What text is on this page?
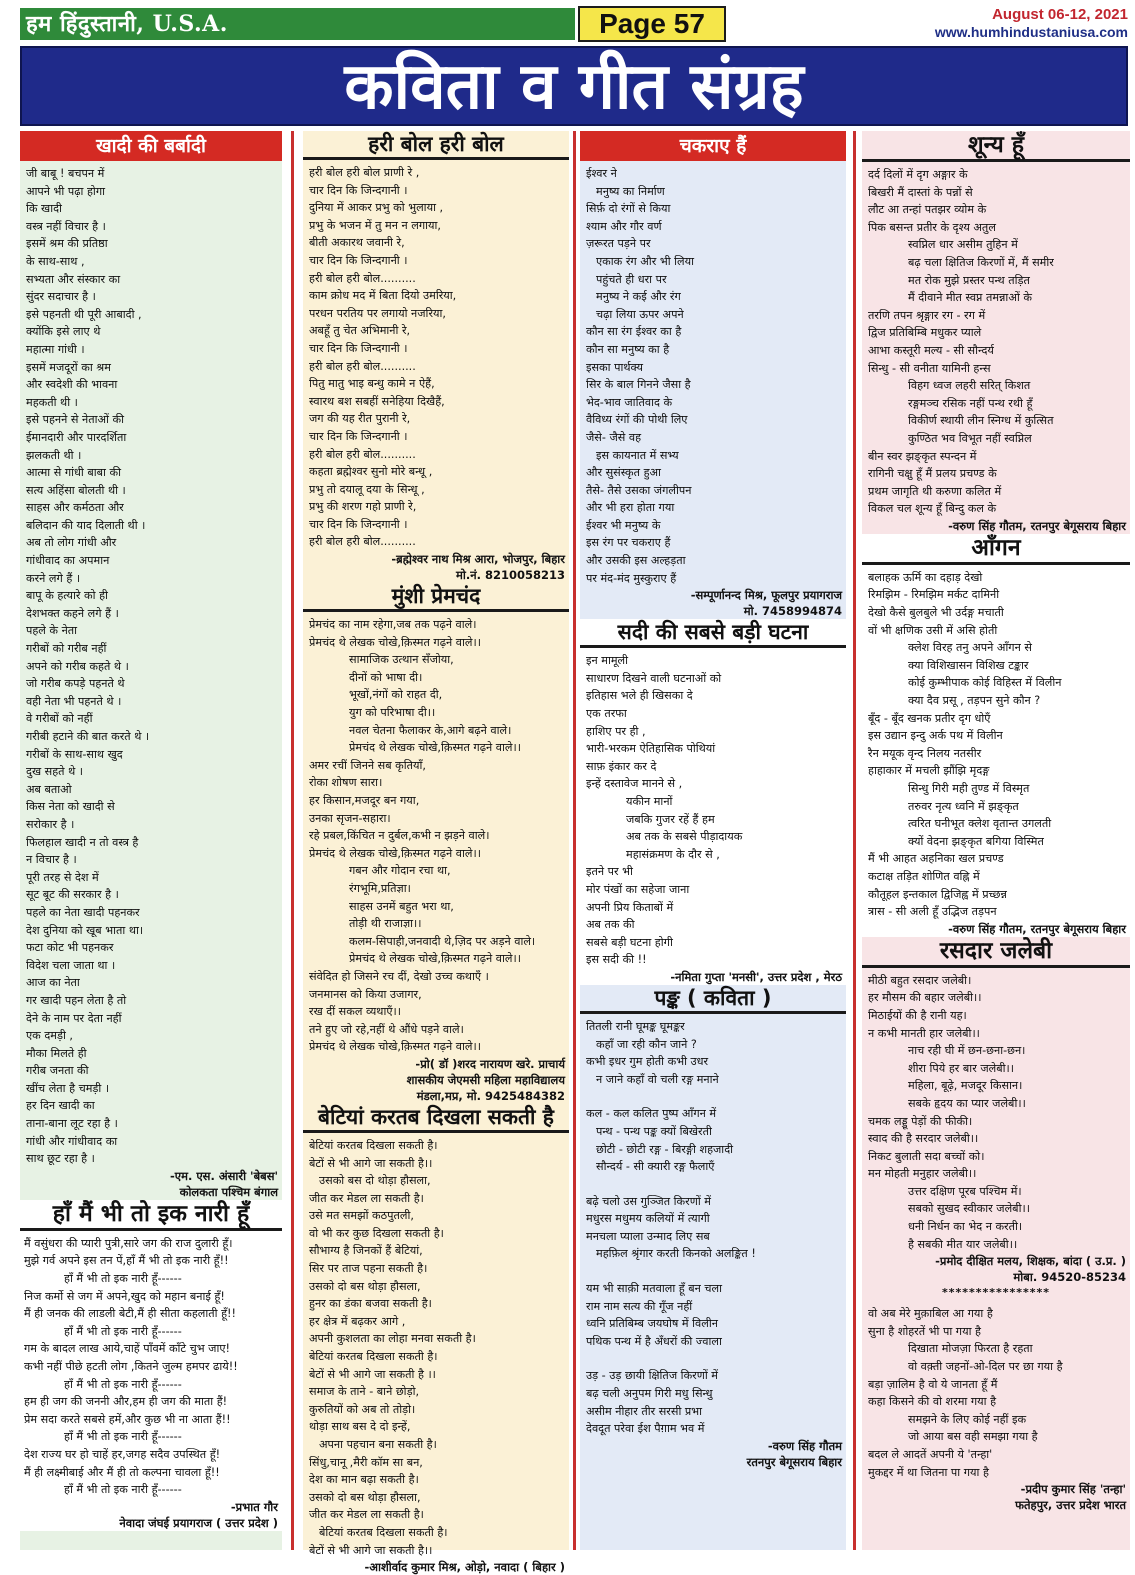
हम हिंदुस्तानी, U.S.A.	Page 57	August 06-12, 2021
www.humhindustaniusa.com
कविता व गीत संग्रह
खादी की बर्बादी
जी बाबू ! बचपन में
आपने भी पढ़ा होगा
कि खादी
वस्त्र नहीं विचार है ।
इसमें श्रम की प्रतिष्ठा
के साथ-साथ ,
सभ्यता और संस्कार का
सुंदर सदाचार है ।
इसे पहनती थी पूरी आबादी ,
क्योंकि इसे लाए थे
महात्मा गांधी ।
इसमें मजदूरों का श्रम
और स्वदेशी की भावना
महकती थी ।
इसे पहनने से नेताओं की
ईमानदारी और पारदर्शिता
झलकती थी ।
आत्मा से गांधी बाबा की
सत्य अहिंसा बोलती थी ।
साहस और कर्मठता और
बलिदान की याद दिलाती थी ।
अब तो लोग गांधी और
गांधीवाद का अपमान
करने लगे हैं ।
बापू के हत्यारे को ही
देशभक्त कहने लगे हैं ।
पहले के नेता
गरीबों को गरीब नहीं
अपने को गरीब कहते थे ।
जो गरीब कपड़े पहनते थे
वही नेता भी पहनते थे ।
वे गरीबों को नहीं
गरीबी हटाने की बात करते थे ।
गरीबों के साथ-साथ खुद
दुख सहते थे ।
अब बताओ
किस नेता को खादी से
सरोकार है ।
फिलहाल खादी न तो वस्त्र है
न विचार है ।
पूरी तरह से देश में
सूट बूट की सरकार है ।
पहले का नेता खादी पहनकर
देश दुनिया को खूब भाता था।
फटा कोट भी पहनकर
विदेश चला जाता था ।
आज का नेता
गर खादी पहन लेता है तो
देने के नाम पर देता नहीं
एक दमड़ी ,
मौका मिलते ही
गरीब जनता की
खींच लेता है चमड़ी ।
हर दिन खादी का
ताना-बाना लूट रहा है ।
गांधी और गांधीवाद का
साथ छूट रहा है ।
-एम. एस. अंसारी 'बेबस'
कोलकता पश्चिम बंगाल
हाँ मैं भी तो इक नारी हूँ
मैं वसुंधरा की प्यारी पुत्री,सारे जग की राज दुलारी हूँ।
मुझे गर्व अपने इस तन पें,हाँ मैं भी तो इक नारी हूँ!!
हाँ मैं भी तो इक नारी हूँ------
निज कर्मो से जग में अपने,खुद को महान बनाई हूँ!
मैं ही जनक की लाडली बेटी,मैं ही सीता कहलाती हूँ!!
हाँ मैं भी तो इक नारी हूँ------
गम के बादल लाख आये,चाहें पाँवमें काँटे चुभ जाए!
कभी नहीं पीछे हटती लोग ,कितने जुल्म हमपर ढाये!!
हाँ मैं भी तो इक नारी हूँ------
हम ही जग की जननी और,हम ही जग की माता हैं!
प्रेम सदा करते सबसे हमें,और कुछ भी ना आता हैं!!
हाँ मैं भी तो इक नारी हूँ------
देश राज्य घर हो चाहें हर,जगह सदैव उपस्थित हूँ!
मैं ही लक्ष्मीबाई और मैं ही तो कल्पना चावला हूँ!!
हाँ मैं भी तो इक नारी हूँ------
-प्रभात गौर
नेवादा जंघई प्रयागराज ( उत्तर प्रदेश )
हरी बोल हरी बोल
हरी बोल हरी बोल प्राणी रे ,
चार दिन कि जिन्दगानी ।
दुनिया में आकर प्रभु को भुलाया ,
प्रभु के भजन में तु मन न लगाया,
बीती अकारथ जवानी रे,
चार दिन कि जिन्दगानी ।
हरी बोल हरी बोल..........
काम क्रोध मद में बिता दियो उमरिया,
परधन परतिय पर लगायो नजरिया,
अबहूँ तु चेत अभिमानी रे,
चार दिन कि जिन्दगानी ।
हरी बोल हरी बोल..........
पितु मातु भाइ बन्धु कामे न ऐहैं,
स्वारथ बश सबहीं सनेहिया दिखैहैं,
जग की यह रीत पुरानी रे,
चार दिन कि जिन्दगानी ।
हरी बोल हरी बोल..........
कहता ब्रह्मेश्वर सुनो मोरे बन्धू ,
प्रभु तो दयालू दया के सिन्धू ,
प्रभु की शरण गहो प्राणी रे,
चार दिन कि जिन्दगानी ।
हरी बोल हरी बोल..........
-ब्रह्मेश्वर नाथ मिश्र आरा, भोजपुर, बिहार
मो.नं. 8210058213
मुंशी प्रेमचंद
प्रेमचंद का नाम रहेगा,जब तक पढ़ने वाले।
प्रेमचंद थे लेखक चोखे,क़िस्मत गढ़ने वाले।।
सामाजिक उत्थान सँजोया,
दीनों को भाषा दी।
भूखों,नंगों को राहत दी,
युग को परिभाषा दी।।
नवल चेतना फैलाकर के,आगे बढ़ने वाले।
प्रेमचंद थे लेखक चोखे,क़िस्मत गढ़ने वाले।।
अमर रचीं जिनने सब कृतियाँ,
रोका शोषण सारा।
हर किसान,मजदूर बन गया,
उनका सृजन-सहारा।
रहे प्रबल,किंचित न दुर्बल,कभी न झड़ने वाले।
प्रेमचंद थे लेखक चोखे,क़िस्मत गढ़ने वाले।।
गबन और गोदान रचा था,
रंगभूमि,प्रतिज्ञा।
साहस उनमें बहुत भरा था,
तोड़ी थी राजाज्ञा।।
कलम-सिपाही,जनवादी थे,ज़िद पर अड़ने वाले।
प्रेमचंद थे लेखक चोखे,क़िस्मत गढ़ने वाले।।
संवेदित हो जिसने रच दीं, देखो उच्च कथाएँ ।
जनमानस को किया उजागर,
रख दीं सकल व्यथाएँ।।
तने हुए जो रहे,नहीं थे औंधे पड़ने वाले।
प्रेमचंद थे लेखक चोखे,क़िस्मत गढ़ने वाले।।
-प्रो( डॉ )शरद नारायण खरे. प्राचार्य
शासकीय जेएमसी महिला महाविद्यालय
मंडला,मप्र, मो. 9425484382
बेटियां करतब दिखला सकती है
बेटियां करतब दिखला सकती है।
बेटों से भी आगे जा सकती है।।
उसको बस दो थोड़ा हौसला,
जीत कर मेडल ला सकती है।
उसे मत समझों कठपुतली,
वो भी कर कुछ दिखला सकती है।
सौभाग्य है जिनकों हैं बेटियां,
सिर पर ताज पहना सकती है।
उसको दो बस थोड़ा हौसला,
हुनर का डंका बजवा सकती है।
हर क्षेत्र में बढ़कर आगे ,
अपनी कुशलता का लोहा मनवा सकती है।
बेटियां करतब दिखला सकती है।
बेटों से भी आगे जा सकती है ।।
समाज के ताने - बाने छोड़ो,
कुरुतियों को अब तो तोड़ो।
थोड़ा साथ बस दे दो इन्हें,
अपना पहचान बना सकती है।
सिंधु,चानू ,मैरी कॉम सा बन,
देश का मान बढ़ा सकती है।
उसको दो बस थोड़ा हौसला,
जीत कर मेडल ला सकती है।
बेटियां करतब दिखला सकती है।
बेटों से भी आगे जा सकती है।।
-आशीर्वाद कुमार मिश्र, ओड़ो, नवादा ( बिहार )
चकराए हैं
ईश्वर ने
मनुष्य का निर्माण
सिर्फ़ दो रंगों से किया
श्याम और गौर वर्ण
ज़रूरत पड़ने पर
एकाक रंग और भी लिया
पहुंचते ही धरा पर
मनुष्य ने कई और रंग
चढ़ा लिया ऊपर अपने
कौन सा रंग ईश्वर का है
कौन सा मनुष्य का है
इसका पार्थक्य
सिर के बाल गिनने जैसा है
भेद-भाव जातिवाद के
वैविध्य रंगों की पोथी लिए
जैसे- जैसे वह
इस कायनात में सभ्य
और सुसंस्कृत हुआ
तैसे- तैसे उसका जंगलीपन
और भी हरा होता गया
ईश्वर भी मनुष्य के
इस रंग पर चकराए हैं
और उसकी इस अल्हड़ता
पर मंद-मंद मुस्कुराए हैं
-सम्पूर्णानन्द मिश्र, फूलपुर प्रयागराज
मो. 7458994874
सदी की सबसे बड़ी घटना
इन मामूली
साधारण दिखने वाली घटनाओं को
इतिहास भले ही खिसका दे
एक तरफा
हाशिए पर ही ,
भारी-भरकम ऐतिहासिक पोथियां
साफ़ इंकार कर दे
इन्हें दस्तावेज मानने से ,
यकीन मानों
जबकि गुजर रहें हैं हम
अब तक के सबसे पीड़ादायक
महासंक्रमण के दौर से ,
इतने पर भी
मोर पंखों का सहेजा जाना
अपनी प्रिय किताबों में
अब तक की
सबसे बड़ी घटना होगी
इस सदी की !!
-नमिता गुप्ता 'मनसी', उत्तर प्रदेश , मेरठ
पङ्क ( कविता )
तितली रानी घूमङ्क घूमङ्कर
कहाँ जा रही कौन जाने ?
कभी इधर गुम होती कभी उधर
न जाने कहाँ वो चली रङ्ग मनाने
कल - कल कलित पुष्प आँगन में
पन्थ - पन्थ पङ्क क्यों बिखेरती
छोटी - छोटी रङ्ग - बिरङ्गी शहजादी
सौन्दर्य - सी क्यारी रङ्ग फैलाएँ
बढ़े चलो उस गुञ्जित किरणों में
मधुरस मधुमय कलियों में त्यागी
मनचला प्याला उन्माद लिए सब
महफ़िल श्रृंगार करती किनको अलङ्कित !
यम भी साक़ी मतवाला हूँ बन चला
राम नाम सत्य की गूँज नहीं
ध्वनि प्रतिबिम्ब जयघोष में विलीन
पथिक पन्थ में है अँधरों की ज्वाला
उड़ - उड़ छायी क्षितिज किरणों में
बढ़ चली अनुपम गिरी मधु सिन्धु
असीम नीहार तीर सरसी प्रभा
देवदूत परेवा ईश पैग़ाम भव में
-वरुण सिंह गौतम
रतनपुर बेगूसराय बिहार
शून्य हूँ
दर्द दिलों में दृग अङ्गार के
बिखरी मैं दास्तां के पन्नों से
लौट आ तन्हां पतझर व्योम के
पिक बसन्त प्रतीर के दृश्य अतुल
स्वप्निल धार असीम तुहिन में
बढ़ चला क्षितिज किरणों में, मैं समीर
मत रोक मुझे प्रस्तर पन्थ तड़ित
मैं दीवाने मीत स्वप्न तमन्नाओं के
तरणि तपन श्रृङ्गार रग - रग में
द्विज प्रतिबिम्बि मधुकर प्याले
आभा कस्तूरी मल्य - सी सौन्दर्य
सिन्धु - सी वनीता यामिनी हन्स
विहग ध्वज लहरी सरित् किशत
रङ्गमञ्च रसिक नहीं पन्थ रथी हूँ
विकीर्ण स्थायी लीन स्निग्ध में कुत्सित
कुण्ठित भव विभूत नहीं स्वप्निल
बीन स्वर झङ्कृत स्पन्दन में
रागिनी चक्षु हूँ मैं प्रलय प्रचण्ड के
प्रथम जागृति थी करुणा कलित में
विकल चल शून्य हूँ बिन्दु कल के
-वरुण सिंह गौतम, रतनपुर बेगूसराय बिहार
आँगन
बलाहक ऊर्मि का दहाड़ देखो
रिमझिम - रिमझिम मर्कट दामिनी
देखो कैसे बुलबुले भी उर्दङ्ग मचाती
वों भी क्षणिक उसी में असि होती
क्लेश विरह तनु अपने आँगन से
क्या विशिखासन विशिख टङ्कार
कोई कुम्भीपाक कोई विहिस्त में विलीन
क्या दैव प्रसू , तड़पन सुने कौन ?
बूँद - बूँद खनक प्रतीर दृग धोएँ
इस उद्यान इन्दु अर्क पथ में विलीन
रैन मयूक वृन्द निलय नतसीर
हाहाकार में मचली झौंझि मृदङ्ग
सिन्धु गिरी मही तुण्ड में विस्मृत
तरुवर नृत्य ध्वनि में झङ्कृत
त्वरित घनीभूत क्लेश वृतान्त उगलती
क्यों वेदना झङ्कृत बगिया विस्मित
मैं भी आहत अहनिका खल प्रचण्ड
कटाक्ष तड़ित शोणित वह्नि में
कौतूहल इन्तकाल द्विजिह्व में प्रच्छन्न
त्रास - सी अली हूँ उद्भिज तड़पन
-वरुण सिंह गौतम, रतनपुर बेगूसराय बिहार
रसदार जलेबी
मीठी बहुत रसदार जलेबी।
हर मौसम की बहार जलेबी।।
मिठाईयों की है रानी यह।
न कभी मानती हार जलेबी।।
नाच रही घी में छन-छना-छन।
शीरा पिये हर बार जलेबी।।
महिला, बूढ़े, मजदूर किसान।
सबके हृदय का प्यार जलेबी।।
चमक लड्डू पेड़ों की फीकी।
स्वाद की है सरदार जलेबी।।
निकट बुलाती सदा बच्चों को।
मन मोहती मनुहार जलेबी।।
उत्तर दक्षिण पूरब पश्चिम में।
सबको सुखद स्वीकार जलेबी।।
धनी निर्धन का भेद न करती।
है सबकी मीत यार जलेबी।।
-प्रमोद दीक्षित मलय, शिक्षक, बांदा ( उ.प्र. )
मोबा. 94520-85234
****************
वो अब मेरे मुक़ाबिल आ गया है
सुना है शोहरतें भी पा गया है
दिखाता मोजज़ा फिरता है रहता
वो वक़्ती जहनों-ओ-दिल पर छा गया है
बड़ा ज़ालिम है वो ये जानता हूँ मैं
कहा किसने की वो शरमा गया है
समझने के लिए कोई नहीं इक
जो आया बस वही समझा गया है
बदल ले आदतें अपनी ये 'तन्हा'
मुकद्दर में था जितना पा गया है
-प्रदीप कुमार सिंह 'तन्हा'
फतेहपुर, उत्तर प्रदेश भारत
